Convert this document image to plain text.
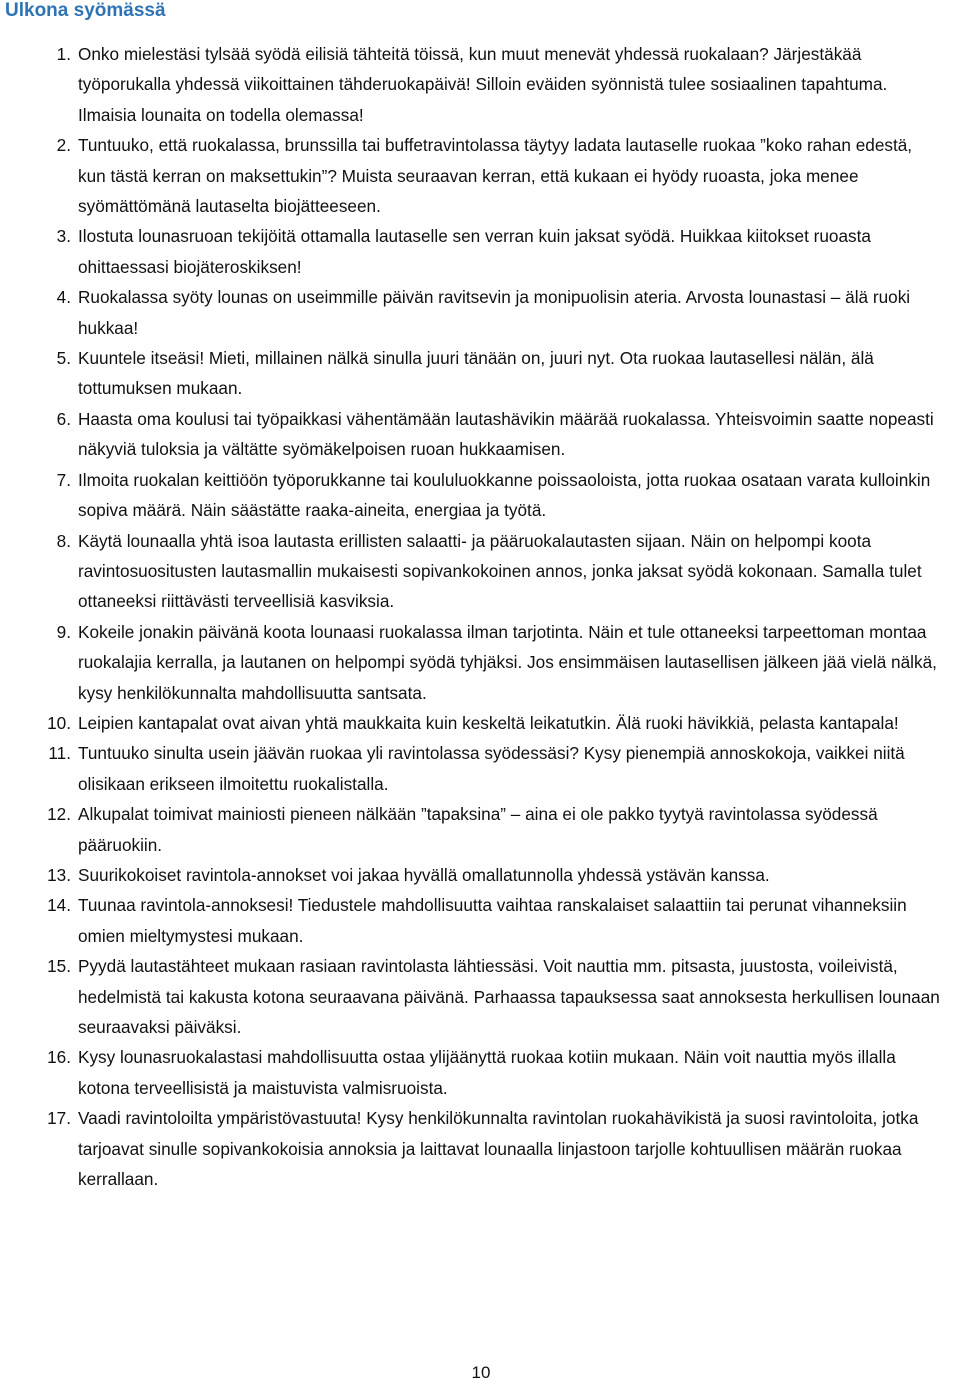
Ulkona syömässä
1. Onko mielestäsi tylsää syödä eilisiä tähteitä töissä, kun muut menevät yhdessä ruokalaan? Järjestäkää työporukalla yhdessä viikoittainen tähderuokapäivä! Silloin eväiden syönnistä tulee sosiaalinen tapahtuma. Ilmaisia lounaita on todella olemassa!
2. Tuntuuko, että ruokalassa, brunssilla tai buffetravintolassa täytyy ladata lautaselle ruokaa ”koko rahan edestä, kun tästä kerran on maksettukin”? Muista seuraavan kerran, että kukaan ei hyödy ruoasta, joka menee syömättömänä lautaselta biojätteeseen.
3. Ilostuta lounasruoan tekijöitä ottamalla lautaselle sen verran kuin jaksat syödä. Huikkaa kiitokset ruoasta ohittaessasi biojäteroskiksen!
4. Ruokalassa syöty lounas on useimmille päivän ravitsevin ja monipuolisin ateria. Arvosta lounastasi – älä ruoki hukkaa!
5. Kuuntele itseäsi! Mieti, millainen nälkä sinulla juuri tänään on, juuri nyt. Ota ruokaa lautasellesi nälän, älä tottumuksen mukaan.
6. Haasta oma koulusi tai työpaikkasi vähentämään lautashävikin määrää ruokalassa. Yhteisvoimin saatte nopeasti näkyviä tuloksia ja vältätte syömäkelpoisen ruoan hukkaamisen.
7. Ilmoita ruokalan keittiöön työporukkanne tai koululuokkanne poissaoloista, jotta ruokaa osataan varata kulloinkin sopiva määrä. Näin säästätte raaka-aineita, energiaa ja työtä.
8. Käytä lounaalla yhtä isoa lautasta erillisten salaatti- ja pääruokalautasten sijaan. Näin on helpompi koota ravintosuositusten lautasmallin mukaisesti sopivankokoinen annos, jonka jaksat syödä kokonaan. Samalla tulet ottaneeksi riittävästi terveellisiä kasviksia.
9. Kokeile jonakin päivänä koota lounaasi ruokalassa ilman tarjotinta. Näin et tule ottaneeksi tarpeettoman montaa ruokalajia kerralla, ja lautanen on helpompi syödä tyhjäksi. Jos ensimmäisen lautasellisen jälkeen jää vielä nälkä, kysy henkilökunnalta mahdollisuutta santsata.
10. Leipien kantapalat ovat aivan yhtä maukkaita kuin keskeltä leikatutkin. Älä ruoki hävikkiä, pelasta kantapala!
11. Tuntuuko sinulta usein jäävän ruokaa yli ravintolassa syödessäsi? Kysy pienempiä annoskokoja, vaikkei niitä olisikaan erikseen ilmoitettu ruokalistalla.
12. Alkupalat toimivat mainiosti pieneen nälkään ”tapaksina” – aina ei ole pakko tyytyä ravintolassa syödessä pääruokiin.
13. Suurikokoiset ravintola-annokset voi jakaa hyvällä omallatunnolla yhdessä ystävän kanssa.
14. Tuunaa ravintola-annoksesi! Tiedustele mahdollisuutta vaihtaa ranskalaiset salaattiin tai perunat vihanneksiin omien mieltymystesi mukaan.
15. Pyydä lautastähteet mukaan rasiaan ravintolasta lähtiessäsi. Voit nauttia mm. pitsasta, juustosta, voileivistä, hedelmistä tai kakusta kotona seuraavana päivänä. Parhaassa tapauksessa saat annoksesta herkullisen lounaan seuraavaksi päiväksi.
16. Kysy lounasruokalastasi mahdollisuutta ostaa ylijäänyttä ruokaa kotiin mukaan. Näin voit nauttia myös illalla kotona terveellisistä ja maistuvista valmisruoista.
17. Vaadi ravintoloilta ympäristövastuuta! Kysy henkilökunnalta ravintolan ruokahävikistä ja suosi ravintoloita, jotka tarjoavat sinulle sopivankokoisia annoksia ja laittavat lounaalla linjastoon tarjolle kohtuullisen määrän ruokaa kerrallaan.
10
